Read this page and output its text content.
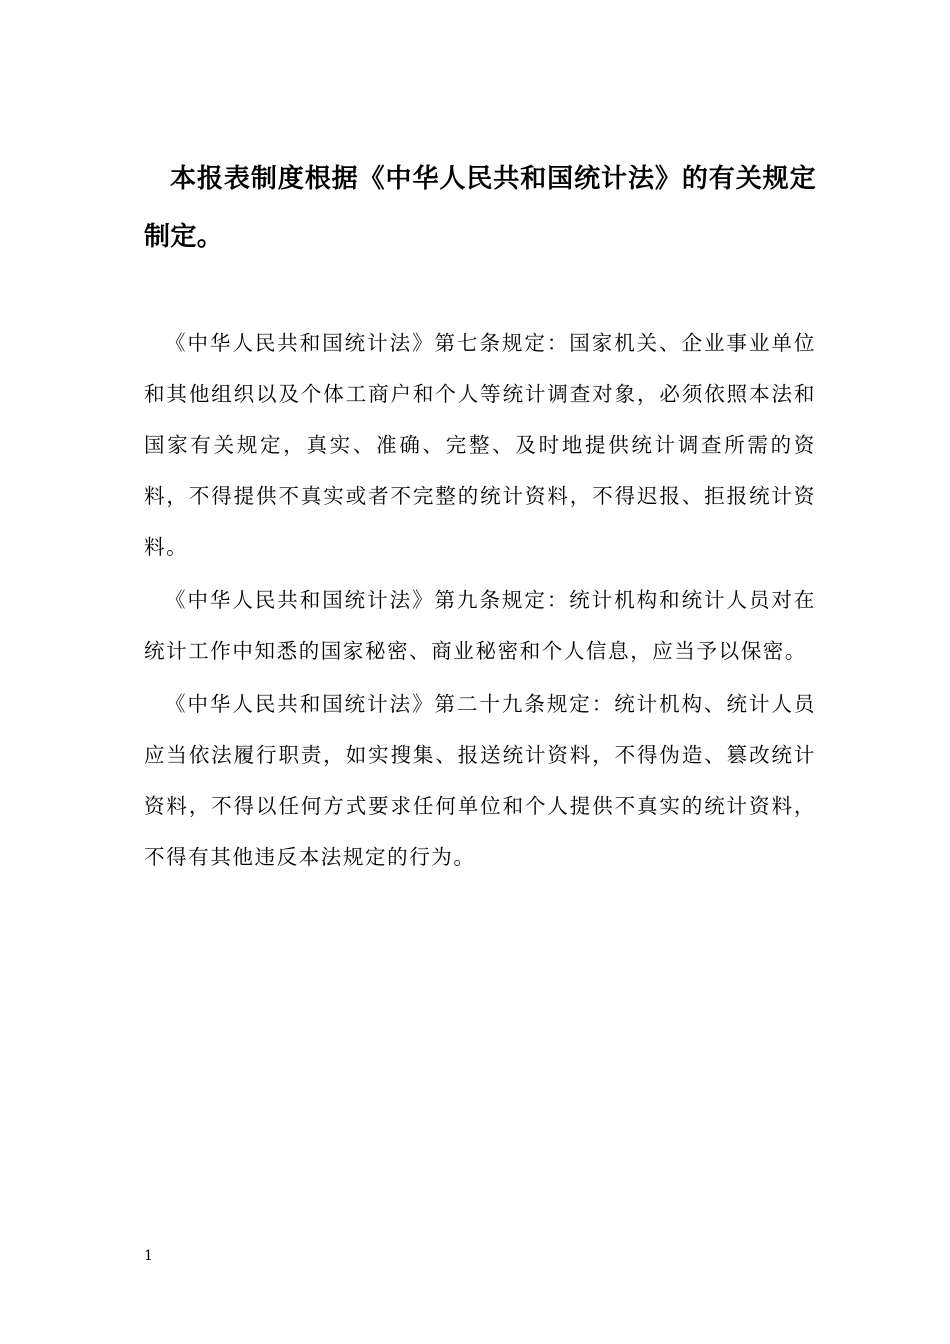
本报表制度根据《中华人民共和国统计法》的有关规定制定。

《中华人民共和国统计法》第七条规定：国家机关、企业事业单位和其他组织以及个体工商户和个人等统计调查对象，必须依照本法和国家有关规定，真实、准确、完整、及时地提供统计调查所需的资料，不得提供不真实或者不完整的统计资料，不得迟报、拒报统计资料。

《中华人民共和国统计法》第九条规定：统计机构和统计人员对在统计工作中知悉的国家秘密、商业秘密和个人信息，应当予以保密。

《中华人民共和国统计法》第二十九条规定：统计机构、统计人员应当依法履行职责，如实搜集、报送统计资料，不得伪造、篡改统计资料，不得以任何方式要求任何单位和个人提供不真实的统计资料，不得有其他违反本法规定的行为。

1
